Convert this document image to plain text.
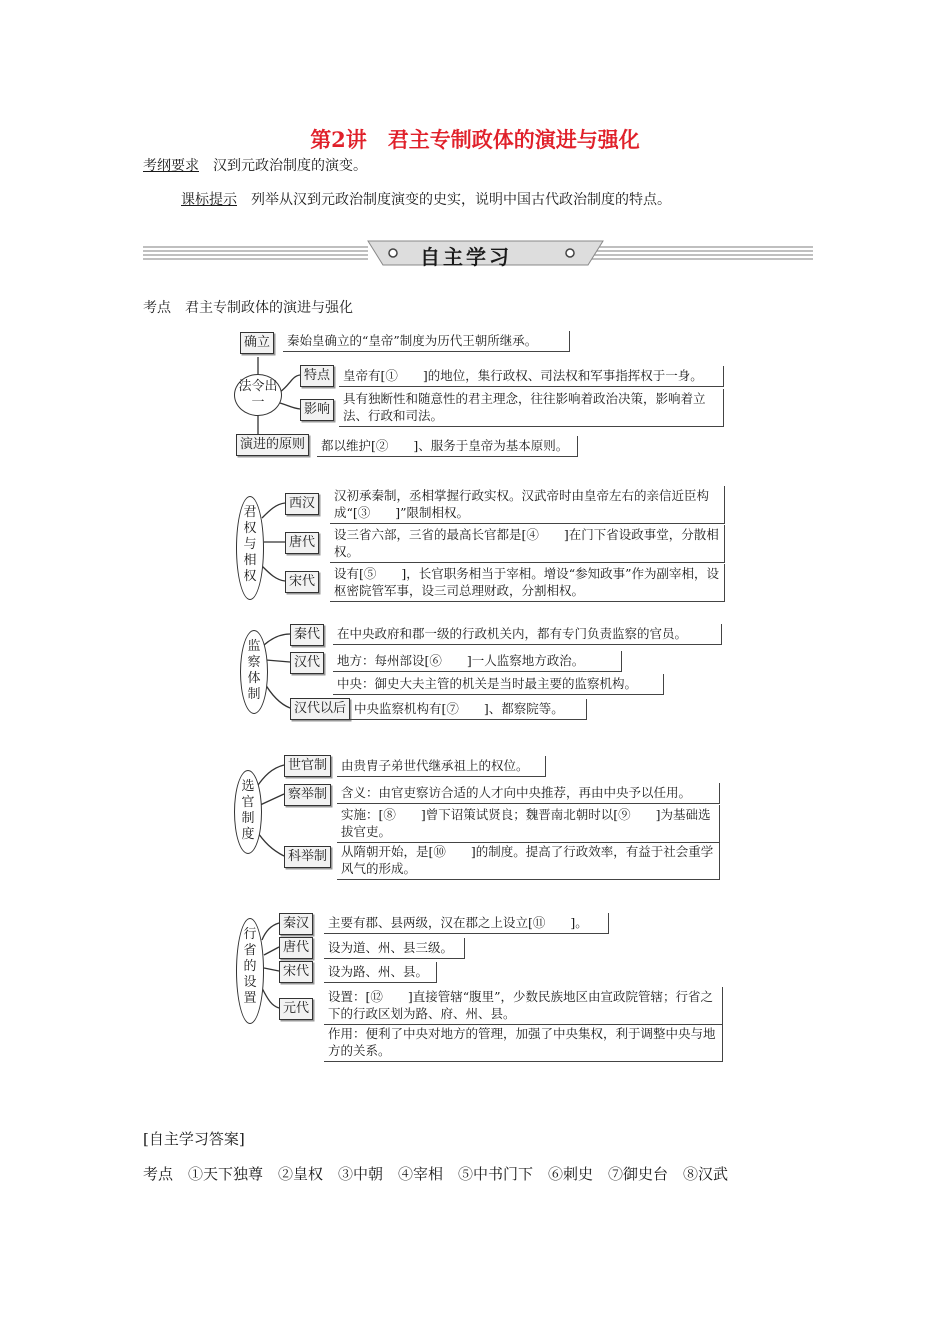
第2讲　君主专制政体的演进与强化
考纲要求　 汉到元政治制度的演变。
课标提示　 列举从汉到元政治制度演变的史实，说明中国古代政治制度的特点。
自主学习
考点　 君主专制政体的演进与强化
确立	秦始皇确立的“皇帝”制度为历代王朝所继承。
法令出一
特点	皇帝有[①　　]的地位，集行政权、司法权和军事指挥权于一身。
影响
具有独断性和随意性的君主理念，往往影响着政治决策，影响着立法、行政和司法。
演进的原则	都以维护[②　　]、服务于皇帝为基本原则。
君权与相权
西汉
汉初承秦制，丞相掌握行政实权。汉武帝时由皇帝左右的亲信近臣构成“[③　　]”限制相权。
唐代
设三省六部，三省的最高长官都是[④　　]在门下省设政事堂，分散相权。
宋代
设有[⑤　　]，长官职务相当于宰相。增设“参知政事”作为副宰相，设枢密院管军事，设三司总理财政，分割相权。
监察体制
秦代	在中央政府和郡一级的行政机关内，都有专门负责监察的官员。
汉代	地方：每州部设[⑥　　]一人监察地方政治。
中央：御史大夫主管的机关是当时最主要的监察机构。
汉代以后 中央监察机构有[⑦　　]、都察院等。
选官制度
世官制	由贵胄子弟世代继承祖上的权位。
察举制	含义：由官吏察访合适的人才向中央推荐，再由中央予以任用。
实施：[⑧　　]曾下诏策试贤良；魏晋南北朝时以[⑨　　]为基础选拔官吏。
科举制	从隋朝开始，是[⑩　　]的制度。提高了行政效率，有益于社会重学风气的形成。
行省的设置
秦汉	主要有郡、县两级，汉在郡之上设立[⑪　　]。
唐代	设为道、州、县三级。
宋代	设为路、州、县。
元代
设置：[⑫　　]直接管辖“腹里”，少数民族地区由宣政院管辖；行省之下的行政区划为路、府、州、县。
作用：便利了中央对地方的管理，加强了中央集权，利于调整中央与地方的关系。
[自主学习答案]
考点　①天下独尊　②皇权　③中朝　④宰相　⑤中书门下　⑥刺史　⑦御史台　⑧汉武
